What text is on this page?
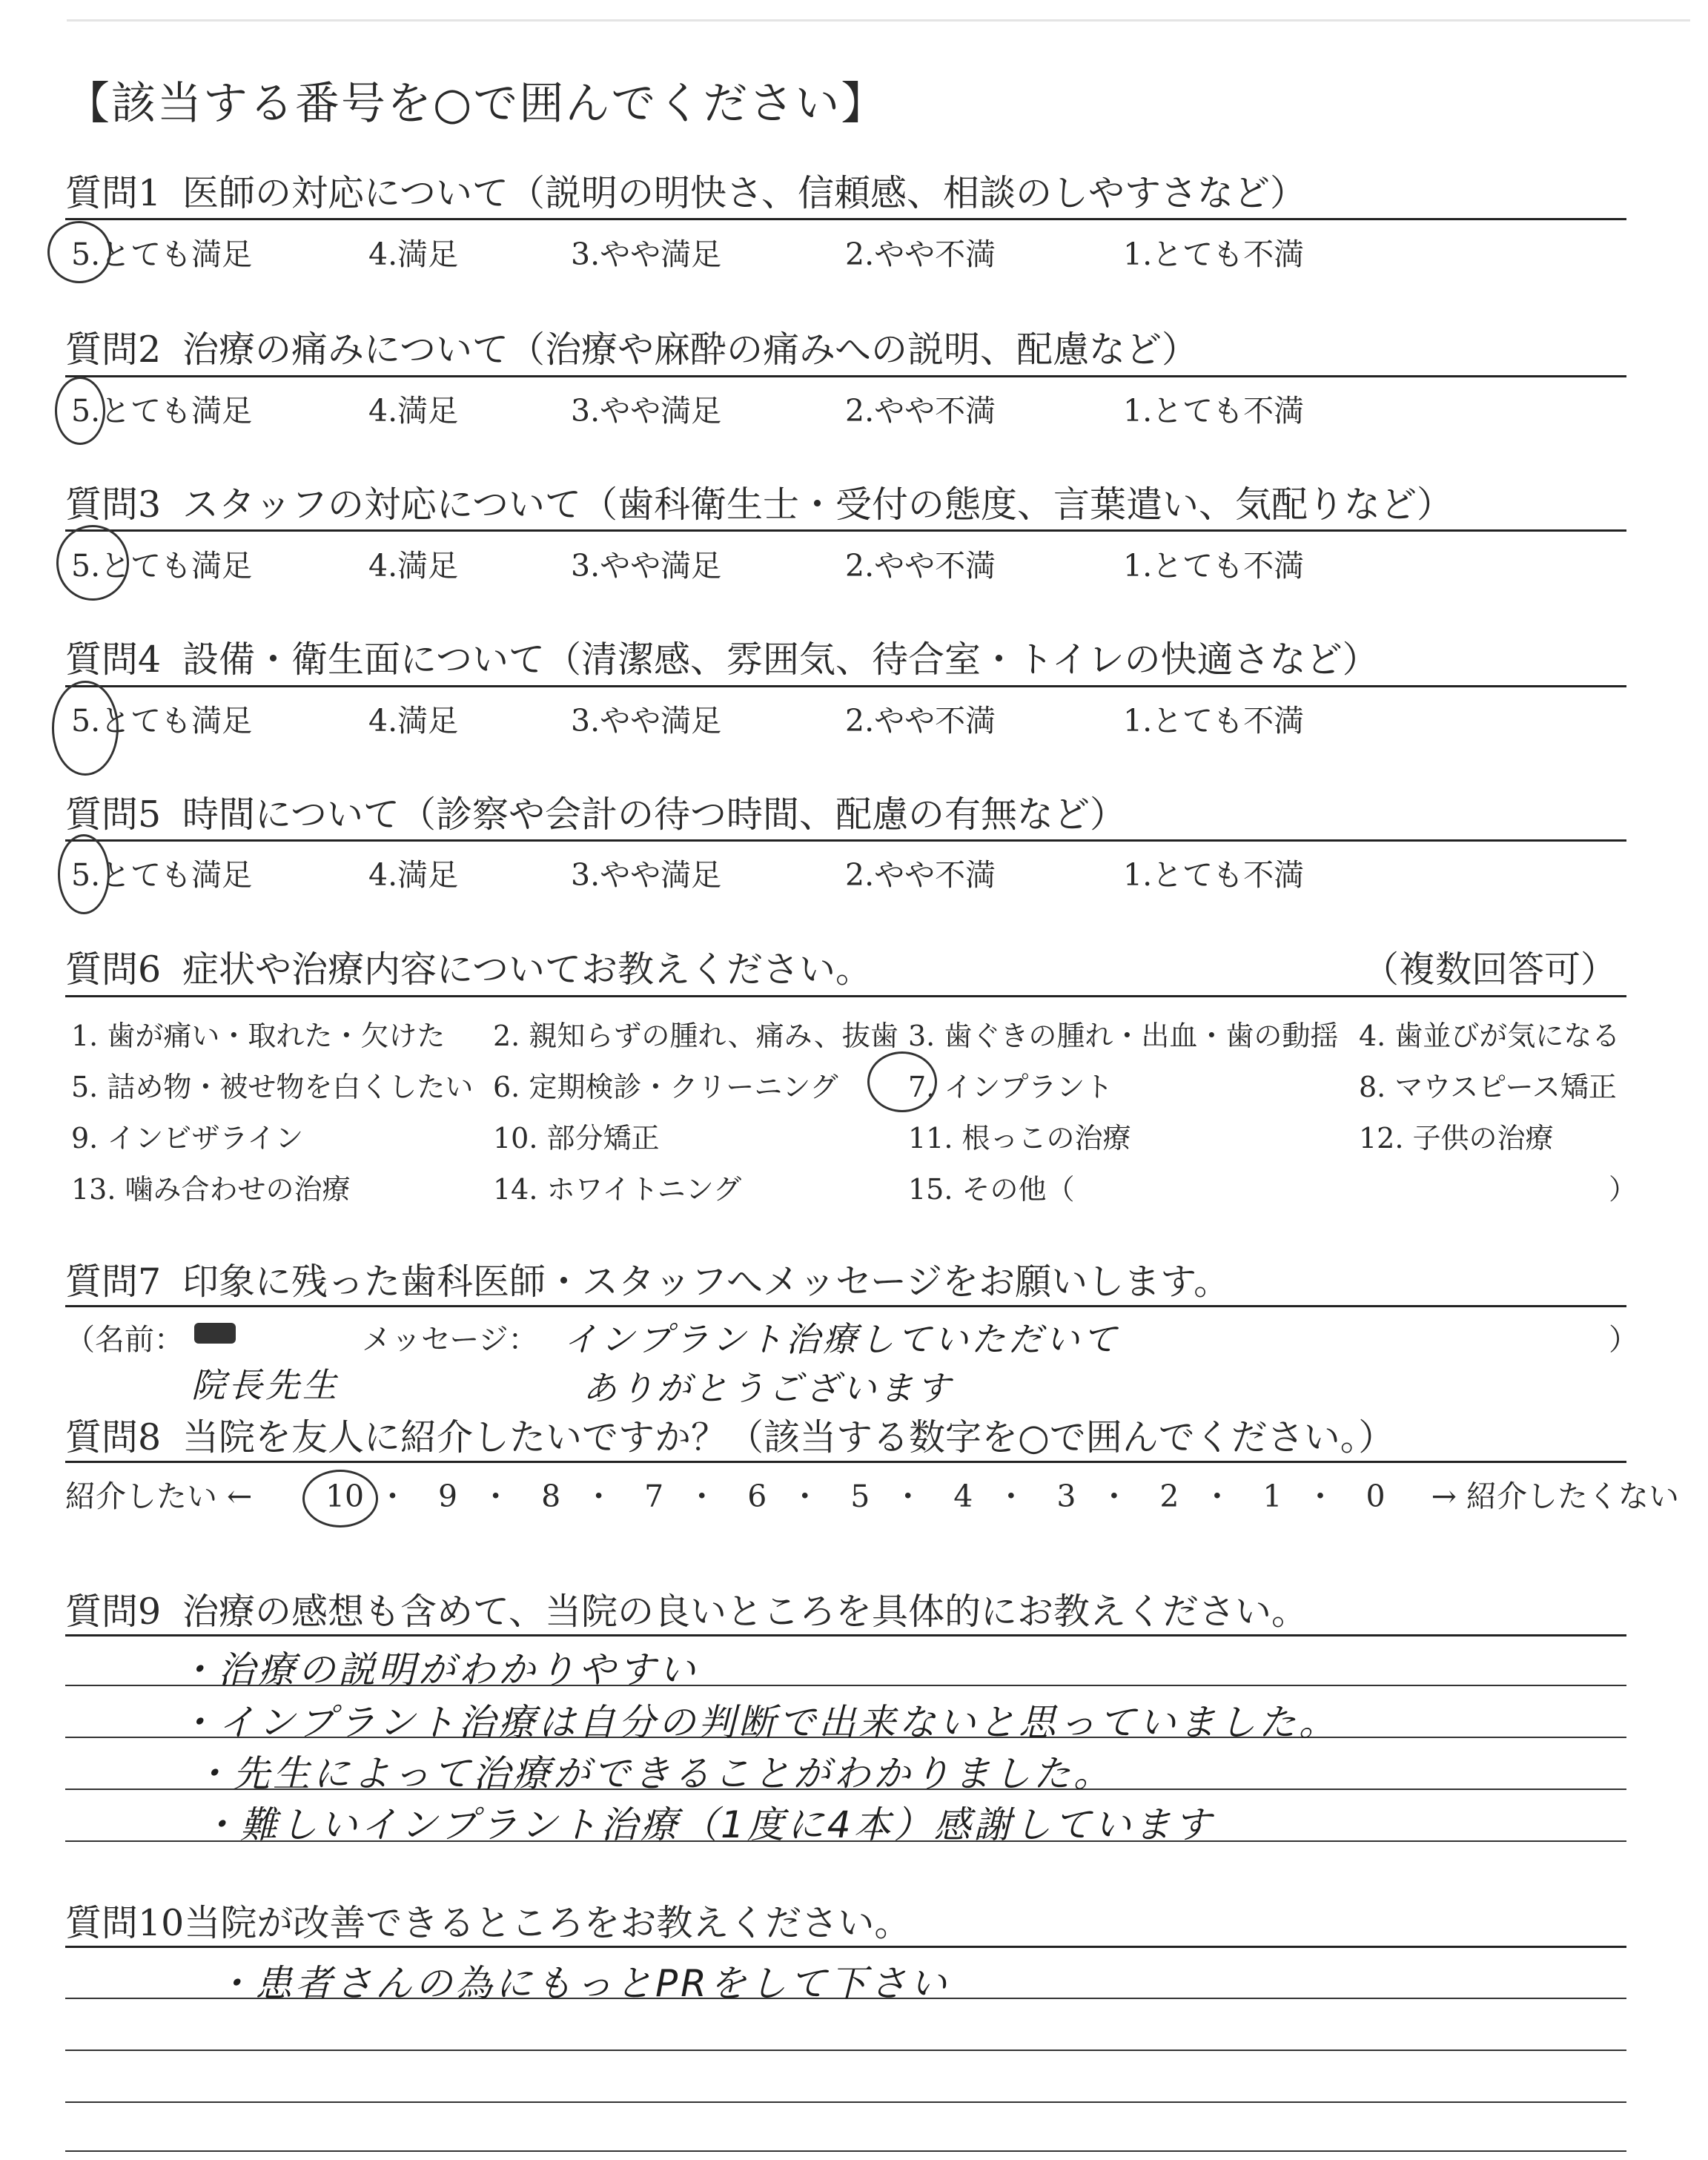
【該当する番号を○で囲んでください】
質問1 医師の対応について（説明の明快さ、信頼感、相談のしやすさなど）
質問2 治療の痛みについて（治療や麻酔の痛みへの説明、配慮など）
質問3 スタッフの対応について（歯科衛生士・受付の態度、言葉遣い、気配りなど）
質問4 設備・衛生面について（清潔感、雰囲気、待合室・トイレの快適さなど）
質問5 時間について（診察や会計の待つ時間、配慮の有無など）
5.とても満足	4.満足	3.やや満足	2.やや不満	1.とても不満
5.とても満足	4.満足	3.やや満足	2.やや不満	1.とても不満
5.とても満足	4.満足	3.やや満足	2.やや不満	1.とても不満
5.とても満足	4.満足	3.やや満足	2.やや不満	1.とても不満
5.とても満足	4.満足	3.やや満足	2.やや不満	1.とても不満
質問6 症状や治療内容についてお教えください。	（複数回答可）
1. 歯が痛い・取れた・欠けた 2. 親知らずの腫れ、痛み、抜歯 3. 歯ぐきの腫れ・出血・歯の動揺 4. 歯並びが気になる
5. 詰め物・被せ物を白くしたい 6. 定期検診・クリーニング 7. インプラント	8. マウスピース矯正
9. インビザライン	10. 部分矯正	11. 根っこの治療	12. 子供の治療
13. 噛み合わせの治療	14. ホワイトニング	15. その他（	）
質問7 印象に残った歯科医師・スタッフへメッセージをお願いします。
（名前：	メッセージ：	）
院長先生
インプラント治療していただいて
ありがとうございます
質問8 当院を友人に紹介したいですか？（該当する数字を○で囲んでください。）
紹介したい ← 10 ・ 9 ・ 8 ・ 7 ・ 6 ・ 5 ・ 4 ・ 3 ・ 2 ・ 1 ・ 0 → 紹介したくない
質問9 治療の感想も含めて、当院の良いところを具体的にお教えください。
・治療の説明がわかりやすい
・インプラント治療は自分の判断で出来ないと思っていました。
・先生によって治療ができることがわかりました。
・難しいインプラント治療（1度に4本）感謝しています
質問10当院が改善できるところをお教えください。
・患者さんの為にもっとPRをして下さい
